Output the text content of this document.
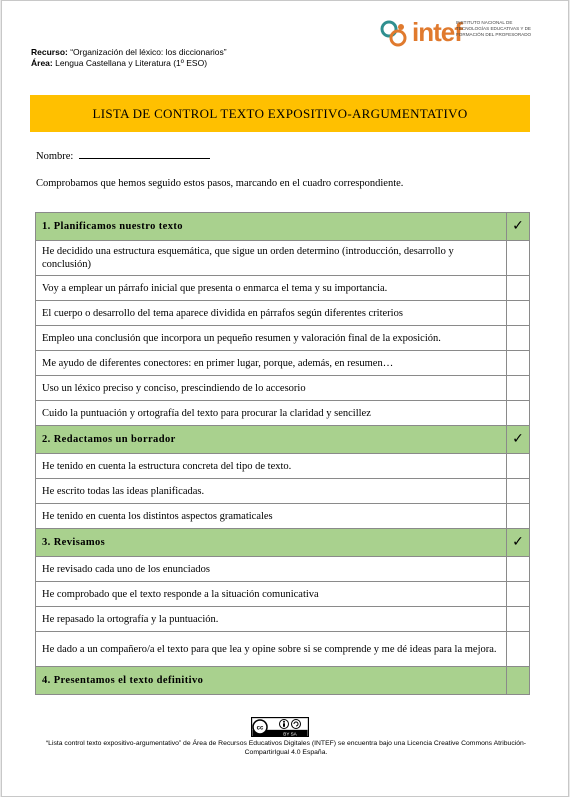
intef
INSTITUTO NACIONAL DE TECNOLOGÍAS EDUCATIVAS Y DE FORMACIÓN DEL PROFESORADO
Recurso: “Organización del léxico: los diccionarios”
Área: Lengua Castellana y Literatura (1º ESO)
LISTA DE CONTROL TEXTO EXPOSITIVO-ARGUMENTATIVO
Nombre:
Comprobamos que hemos seguido estos pasos, marcando en el cuadro correspondiente.
1. Planificamos nuestro texto	✓
He decidido una estructura esquemática, que sigue un orden determino (introducción, desarrollo y conclusión)	
Voy a emplear un párrafo inicial que presenta o enmarca el tema y su importancia.	
El cuerpo o desarrollo del tema aparece dividida en párrafos según diferentes criterios	
Empleo una conclusión que incorpora un pequeño resumen y valoración final de la exposición.	
Me ayudo de diferentes conectores: en primer lugar, porque, además, en resumen…	
Uso un léxico preciso y conciso, prescindiendo de lo accesorio	
Cuido la puntuación y ortografía del texto para procurar la claridad y sencillez	
2. Redactamos un borrador	✓
He tenido en cuenta la estructura concreta del tipo de texto.	
He escrito todas las ideas planificadas.	
He tenido en cuenta los distintos aspectos gramaticales	
3. Revisamos	✓
He revisado cada uno de los enunciados	
He comprobado que el texto responde a la situación comunicativa	
He repasado la ortografía y la puntuación.	
He dado a un compañero/a el texto para que lea y opine sobre si se comprende y me dé ideas para la mejora.	
4. Presentamos el texto definitivo	
cc
BY SA
“Lista control texto expositivo-argumentativo” de Área de Recursos Educativos Digitales (INTEF) se encuentra bajo una Licencia Creative Commons Atribución-CompartirIgual 4.0 España.
